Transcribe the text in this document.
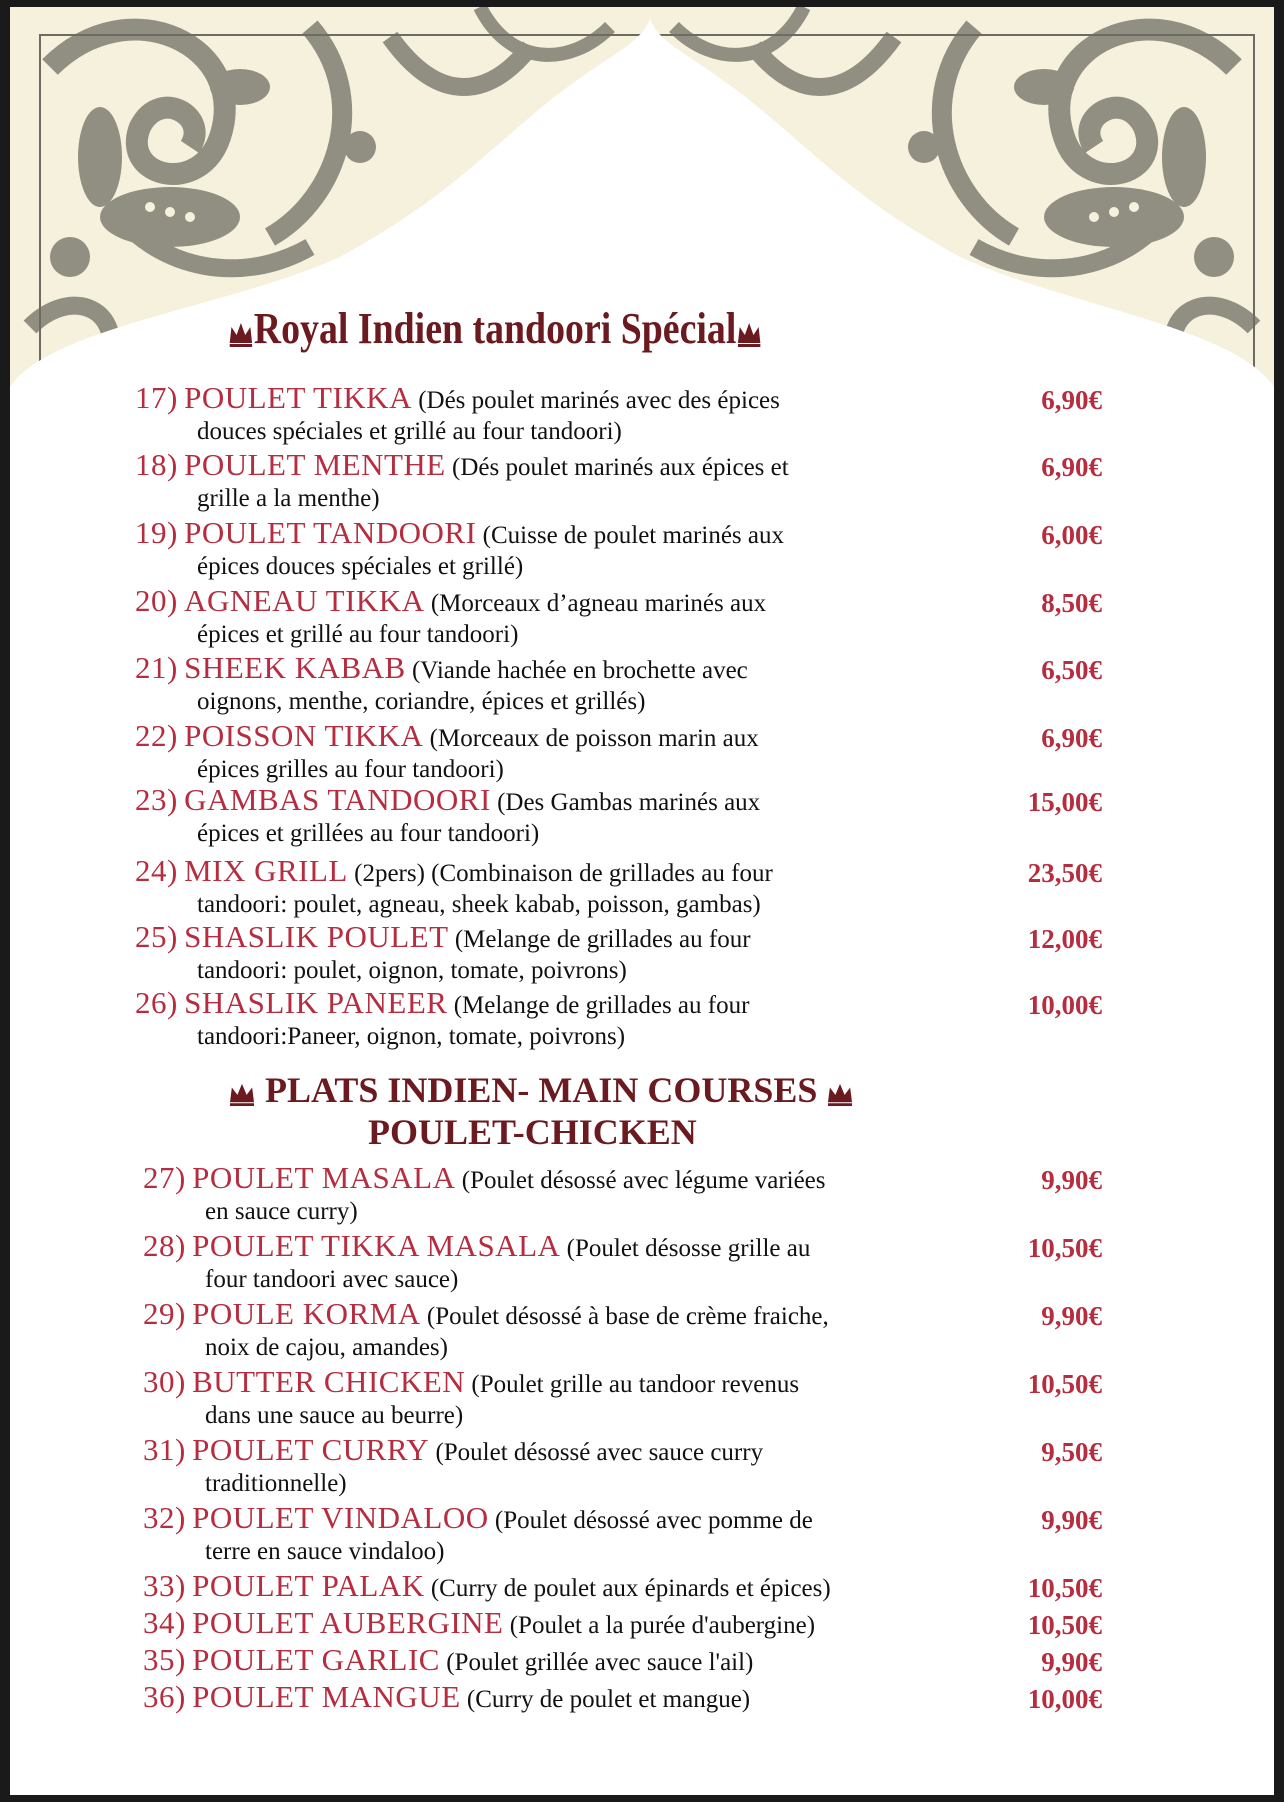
Royal Indien tandoori Spécial
17) POULET TIKKA (Dés poulet marinés avec des épices
douces spéciales et grillé au four tandoori)
6,90€
18) POULET MENTHE (Dés poulet marinés aux épices et
grille a la menthe)
6,90€
19) POULET TANDOORI (Cuisse de poulet marinés aux
épices douces spéciales et grillé)
6,00€
20) AGNEAU TIKKA (Morceaux d’agneau marinés aux
épices et grillé au four tandoori)
8,50€
21) SHEEK KABAB (Viande hachée en brochette avec
oignons, menthe, coriandre, épices et grillés)
6,50€
22) POISSON TIKKA (Morceaux de poisson marin aux
épices grilles au four tandoori)
6,90€
23) GAMBAS TANDOORI (Des Gambas marinés aux
épices et grillées au four tandoori)
15,00€
24) MIX GRILL (2pers) (Combinaison de grillades au four
tandoori: poulet, agneau, sheek kabab, poisson, gambas)
23,50€
25) SHASLIK POULET (Melange de grillades au four
tandoori: poulet, oignon, tomate, poivrons)
12,00€
26) SHASLIK PANEER (Melange de grillades au four
tandoori:Paneer, oignon, tomate, poivrons)
10,00€
PLATS INDIEN- MAIN COURSES
POULET-CHICKEN
27) POULET MASALA (Poulet désossé avec légume variées
en sauce curry)
9,90€
28) POULET TIKKA MASALA (Poulet désosse grille au
four tandoori avec sauce)
10,50€
29) POULE KORMA (Poulet désossé à base de crème fraiche,
noix de cajou, amandes)
9,90€
30) BUTTER CHICKEN (Poulet grille au tandoor revenus
dans une sauce au beurre)
10,50€
31) POULET CURRY (Poulet désossé avec sauce curry
traditionnelle)
9,50€
32) POULET VINDALOO (Poulet désossé avec pomme de
terre en sauce vindaloo)
9,90€
33) POULET PALAK (Curry de poulet aux épinards et épices)	10,50€
34) POULET AUBERGINE (Poulet a la purée d'aubergine)	10,50€
35) POULET GARLIC (Poulet grillée avec sauce l'ail)	9,90€
36) POULET MANGUE (Curry de poulet et mangue)	10,00€
